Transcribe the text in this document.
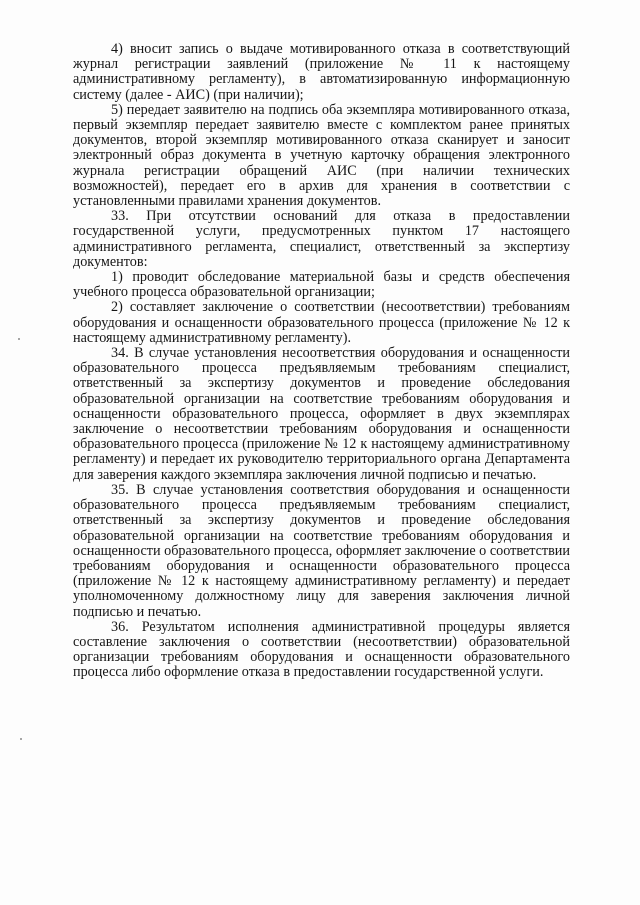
4) вносит запись о выдаче мотивированного отказа в соответствующий журнал регистрации заявлений (приложение № 11 к настоящему административному регламенту), в автоматизированную информационную систему (далее - АИС) (при наличии);

5) передает заявителю на подпись оба экземпляра мотивированного отказа, первый экземпляр передает заявителю вместе с комплектом ранее принятых документов, второй экземпляр мотивированного отказа сканирует и заносит электронный образ документа в учетную карточку обращения электронного журнала регистрации обращений АИС (при наличии технических возможностей), передает его в архив для хранения в соответствии с установленными правилами хранения документов.

33. При отсутствии оснований для отказа в предоставлении государственной услуги, предусмотренных пунктом 17 настоящего административного регламента, специалист, ответственный за экспертизу документов:

1) проводит обследование материальной базы и средств обеспечения учебного процесса образовательной организации;

2) составляет заключение о соответствии (несоответствии) требованиям оборудования и оснащенности образовательного процесса (приложение № 12 к настоящему административному регламенту).

34. В случае установления несоответствия оборудования и оснащенности образовательного процесса предъявляемым требованиям специалист, ответственный за экспертизу документов и проведение обследования образовательной организации на соответствие требованиям оборудования и оснащенности образовательного процесса, оформляет в двух экземплярах заключение о несоответствии требованиям оборудования и оснащенности образовательного процесса (приложение № 12 к настоящему административному регламенту) и передает их руководителю территориального органа Департамента для заверения каждого экземпляра заключения личной подписью и печатью.

35. В случае установления соответствия оборудования и оснащенности образовательного процесса предъявляемым требованиям специалист, ответственный за экспертизу документов и проведение обследования образовательной организации на соответствие требованиям оборудования и оснащенности образовательного процесса, оформляет заключение о соответствии требованиям оборудования и оснащенности образовательного процесса (приложение № 12 к настоящему административному регламенту) и передает уполномоченному должностному лицу для заверения заключения личной подписью и печатью.

36. Результатом исполнения административной процедуры является составление заключения о соответствии (несоответствии) образовательной организации требованиям оборудования и оснащенности образовательного процесса либо оформление отказа в предоставлении государственной услуги.
